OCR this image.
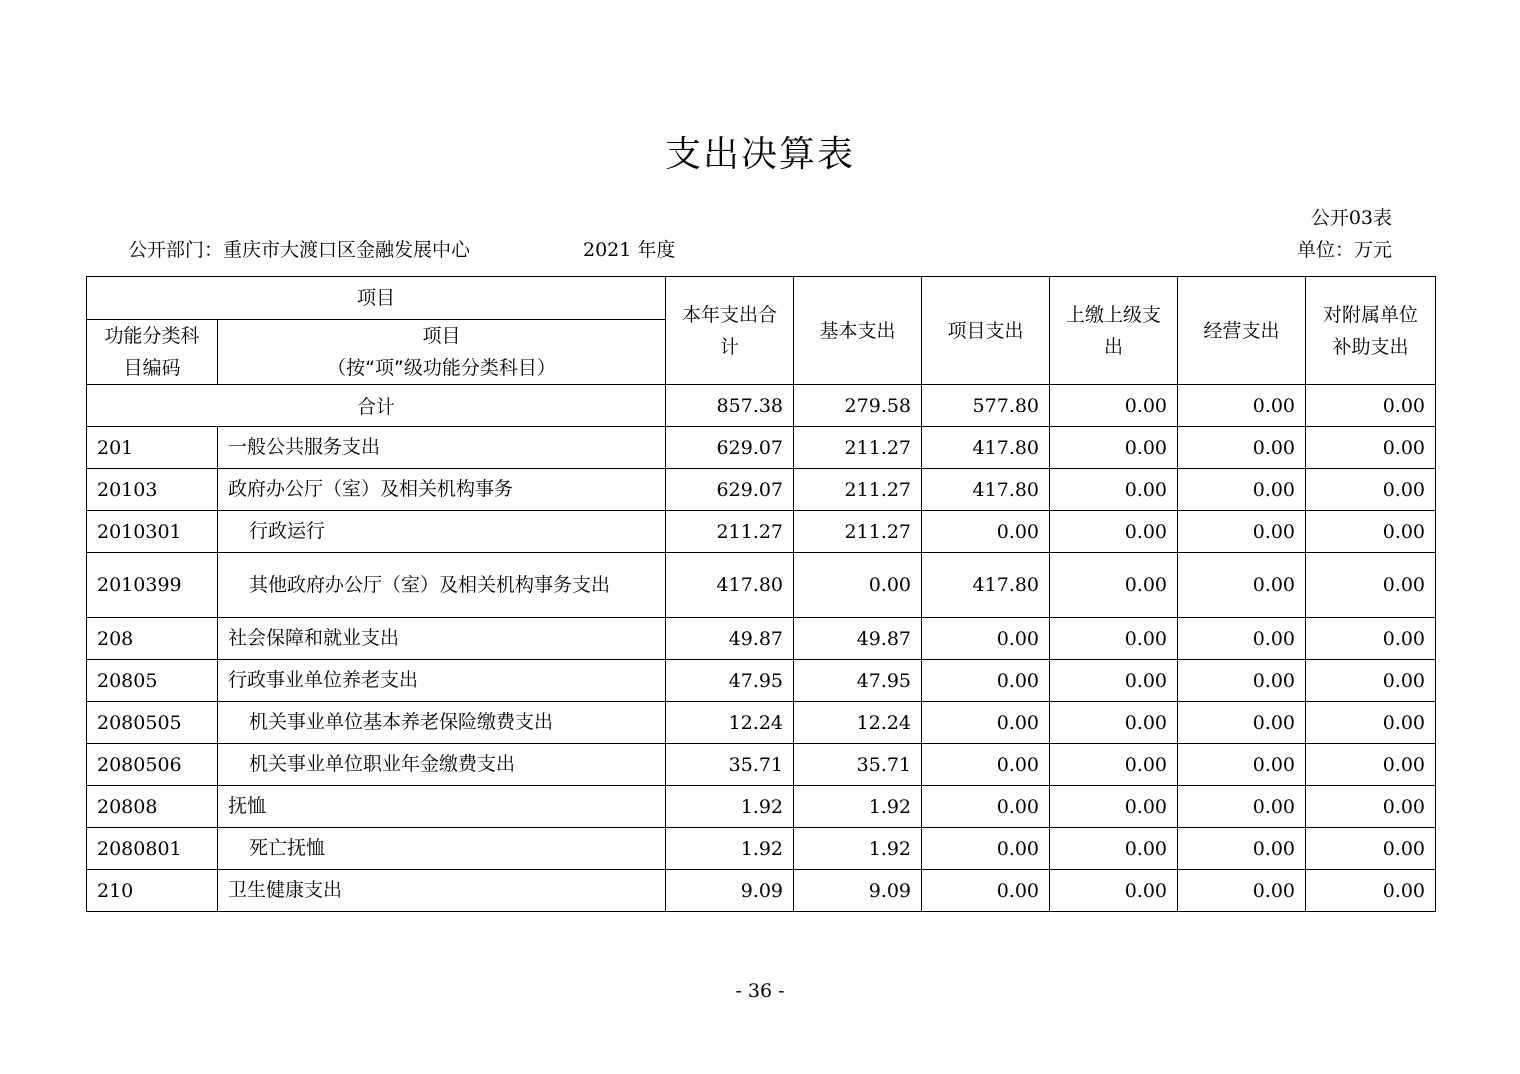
支出决算表
公开03表
公开部门：重庆市大渡口区金融发展中心	2021 年度	单位：万元
项目		本年支出合计	基本支出	项目支出	上缴上级支出	经营支出	对附属单位补助支出
功能分类科目编码	项目
（按“项”级功能分类科目）						

合计		857.38	279.58	577.80	0.00	0.00	0.00
201	一般公共服务支出	629.07	211.27	417.80	0.00	0.00	0.00
20103	政府办公厅（室）及相关机构事务	629.07	211.27	417.80	0.00	0.00	0.00
2010301	行政运行	211.27	211.27	0.00	0.00	0.00	0.00
2010399	其他政府办公厅（室）及相关机构事务支出	417.80	0.00	417.80	0.00	0.00	0.00
208	社会保障和就业支出	49.87	49.87	0.00	0.00	0.00	0.00
20805	行政事业单位养老支出	47.95	47.95	0.00	0.00	0.00	0.00
2080505	机关事业单位基本养老保险缴费支出	12.24	12.24	0.00	0.00	0.00	0.00
2080506	机关事业单位职业年金缴费支出	35.71	35.71	0.00	0.00	0.00	0.00
20808	抚恤	1.92	1.92	0.00	0.00	0.00	0.00
2080801	死亡抚恤	1.92	1.92	0.00	0.00	0.00	0.00
210	卫生健康支出	9.09	9.09	0.00	0.00	0.00	0.00
- 36 -
